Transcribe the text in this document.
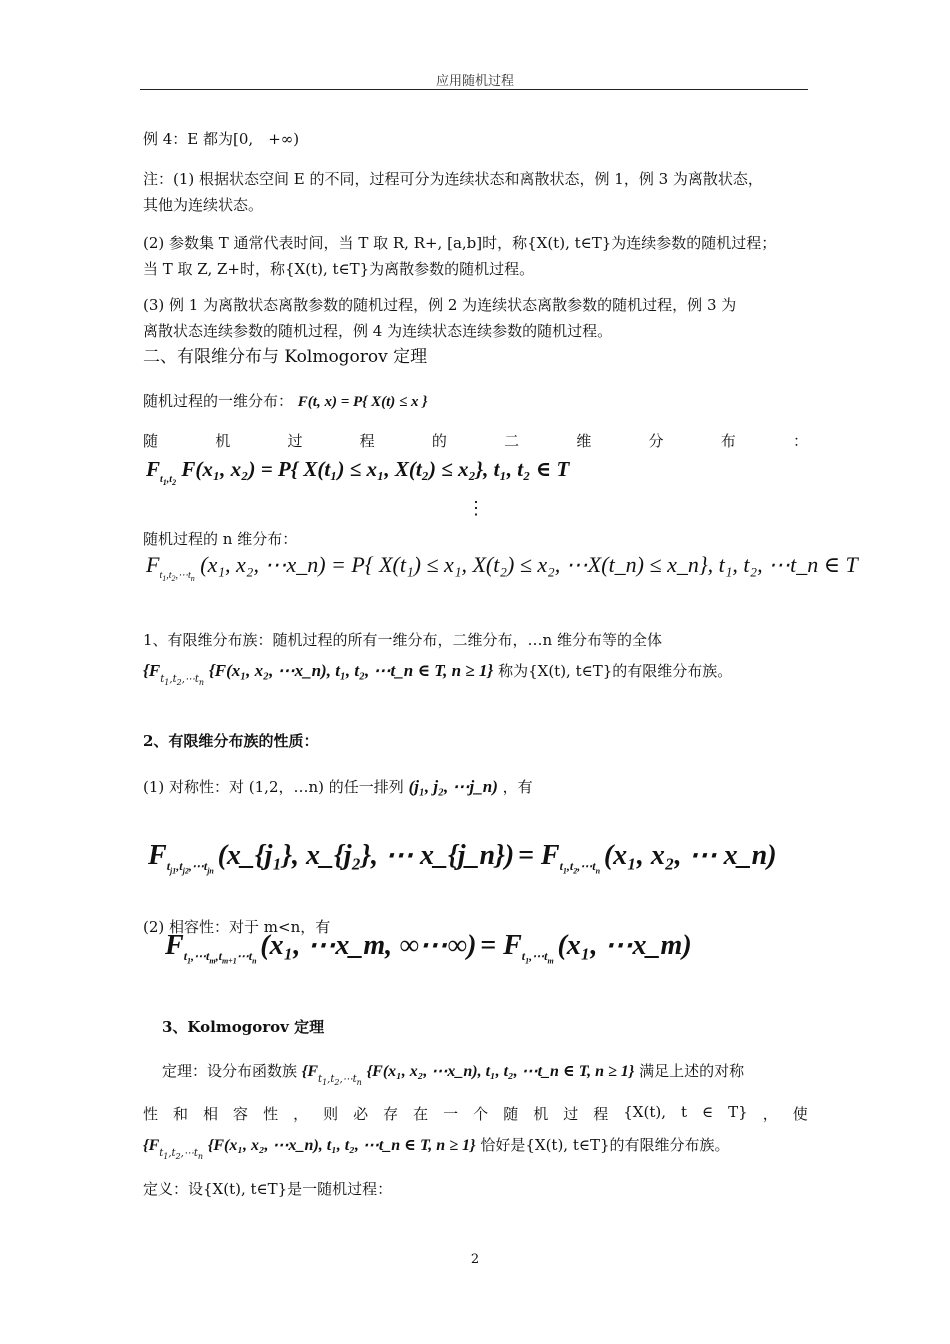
应用随机过程
例 4：E 都为[0,　+∞)
注：(1) 根据状态空间 E 的不同，过程可分为连续状态和离散状态，例 1，例 3 为离散状态，
其他为连续状态。
(2) 参数集 T 通常代表时间，当 T 取 R, R+, [a,b]时，称{X(t), t∈T}为连续参数的随机过程；
当 T 取 Z, Z+时，称{X(t), t∈T}为离散参数的随机过程。
(3) 例 1 为离散状态离散参数的随机过程，例 2 为连续状态离散参数的随机过程，例 3 为
离散状态连续参数的随机过程，例 4 为连续状态连续参数的随机过程。
二、有限维分布与 Kolmogorov 定理
随机过程的一维分布： F(t, x) = P{ X(t) ≤ x }
随	机	过	程	的	二	维	分	布	：
$F_{t_1,t_2}$ F(x₁, x₂) = P{ X(t₁) ≤ x₁, X(t₂) ≤ x₂}, t₁, t₂ ∈ T
⋮
随机过程的 n 维分布：
$F_{t_1,t_2,\cdots t_n}$ (x₁, x₂, ⋯x_n) = P{ X(t₁) ≤ x₁, X(t₂) ≤ x₂, ⋯X(t_n) ≤ x_n}, t₁, t₂, ⋯t_n ∈ T
1、有限维分布族：随机过程的所有一维分布，二维分布，…n 维分布等的全体
{$F_{t_1,t_2,\cdots t_n}$ {F(x₁, x₂, ⋯x_n), t₁, t₂, ⋯t_n ∈ T, n ≥ 1} 称为{X(t), t∈T}的有限维分布族。
2、有限维分布族的性质：
(1) 对称性：对 (1,2，…n) 的任一排列 (j₁, j₂, ⋯j_n) ，有
$F_{t_{j1},t_{j2},\cdots t_{jn}}$ (x_{j₁}, x_{j₂}, ⋯ x_{j_n}) = $F_{t_1,t_2,\cdots t_n}$ (x₁, x₂, ⋯ x_n)
(2) 相容性：对于 m<n，有
$F_{t_1,\cdots t_m,t_{m+1}\cdots t_n}$ (x₁, ⋯x_m, ∞⋯∞) = $F_{t_1,\cdots t_m}$ (x₁, ⋯x_m)
3、Kolmogorov 定理
定理：设分布函数族 {$F_{t_1,t_2,\cdots t_n}$ {F(x₁, x₂, ⋯x_n), t₁, t₂, ⋯t_n ∈ T, n ≥ 1} 满足上述的对称
性 和 相 容 性 ， 则 必 存 在 一 个 随 机 过 程 {X(t), t ∈ T} ， 使
{$F_{t_1,t_2,\cdots t_n}$ {F(x₁, x₂, ⋯x_n), t₁, t₂, ⋯t_n ∈ T, n ≥ 1} 恰好是{X(t), t∈T}的有限维分布族。
定义：设{X(t), t∈T}是一随机过程：
2
